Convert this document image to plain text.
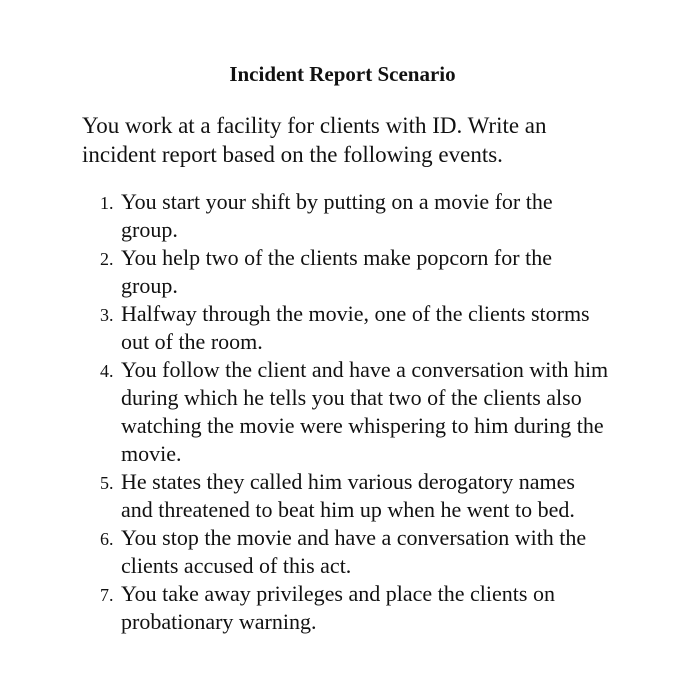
Incident Report Scenario
You work at a facility for clients with ID. Write an incident report based on the following events.
1. You start your shift by putting on a movie for the group.
2. You help two of the clients make popcorn for the group.
3. Halfway through the movie, one of the clients storms out of the room.
4. You follow the client and have a conversation with him during which he tells you that two of the clients also watching the movie were whispering to him during the movie.
5. He states they called him various derogatory names and threatened to beat him up when he went to bed.
6. You stop the movie and have a conversation with the clients accused of this act.
7. You take away privileges and place the clients on probationary warning.
